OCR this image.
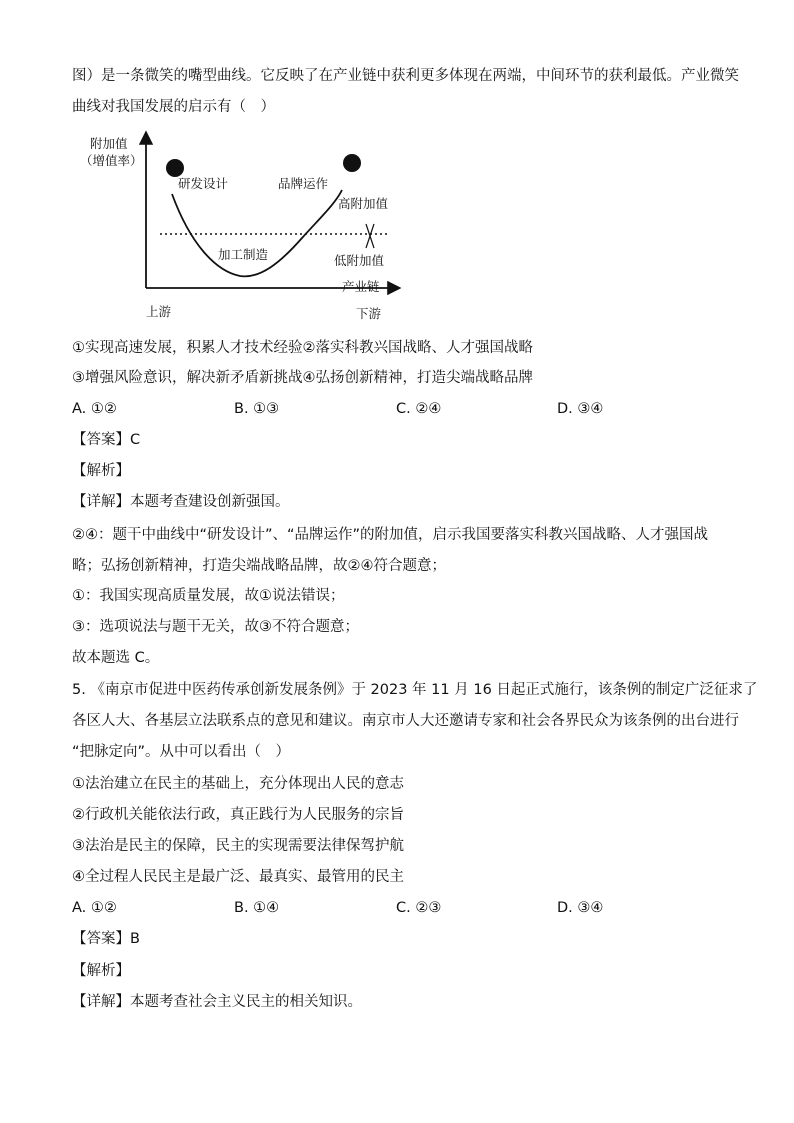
图）是一条微笑的嘴型曲线。它反映了在产业链中获利更多体现在两端，中间环节的获利最低。产业微笑
曲线对我国发展的启示有（　）
附加值
（增值率）
研发设计	品牌运作
高附加值
加工制造	低附加值
产业链
上游	下游
①实现高速发展，积累人才技术经验②落实科教兴国战略、人才强国战略
③增强风险意识，解决新矛盾新挑战④弘扬创新精神，打造尖端战略品牌
A. ①②	B. ①③	C. ②④	D. ③④
【答案】C
【解析】
【详解】本题考查建设创新强国。
②④：题干中曲线中“研发设计”、“品牌运作”的附加值，启示我国要落实科教兴国战略、人才强国战
略；弘扬创新精神，打造尖端战略品牌，故②④符合题意；
①：我国实现高质量发展，故①说法错误；
③：选项说法与题干无关，故③不符合题意；
故本题选 C。
5. 《南京市促进中医药传承创新发展条例》于 2023 年 11 月 16 日起正式施行，该条例的制定广泛征求了
各区人大、各基层立法联系点的意见和建议。南京市人大还邀请专家和社会各界民众为该条例的出台进行
“把脉定向”。从中可以看出（　）
①法治建立在民主的基础上，充分体现出人民的意志
②行政机关能依法行政，真正践行为人民服务的宗旨
③法治是民主的保障，民主的实现需要法律保驾护航
④全过程人民民主是最广泛、最真实、最管用的民主
A. ①②	B. ①④	C. ②③	D. ③④
【答案】B
【解析】
【详解】本题考查社会主义民主的相关知识。
